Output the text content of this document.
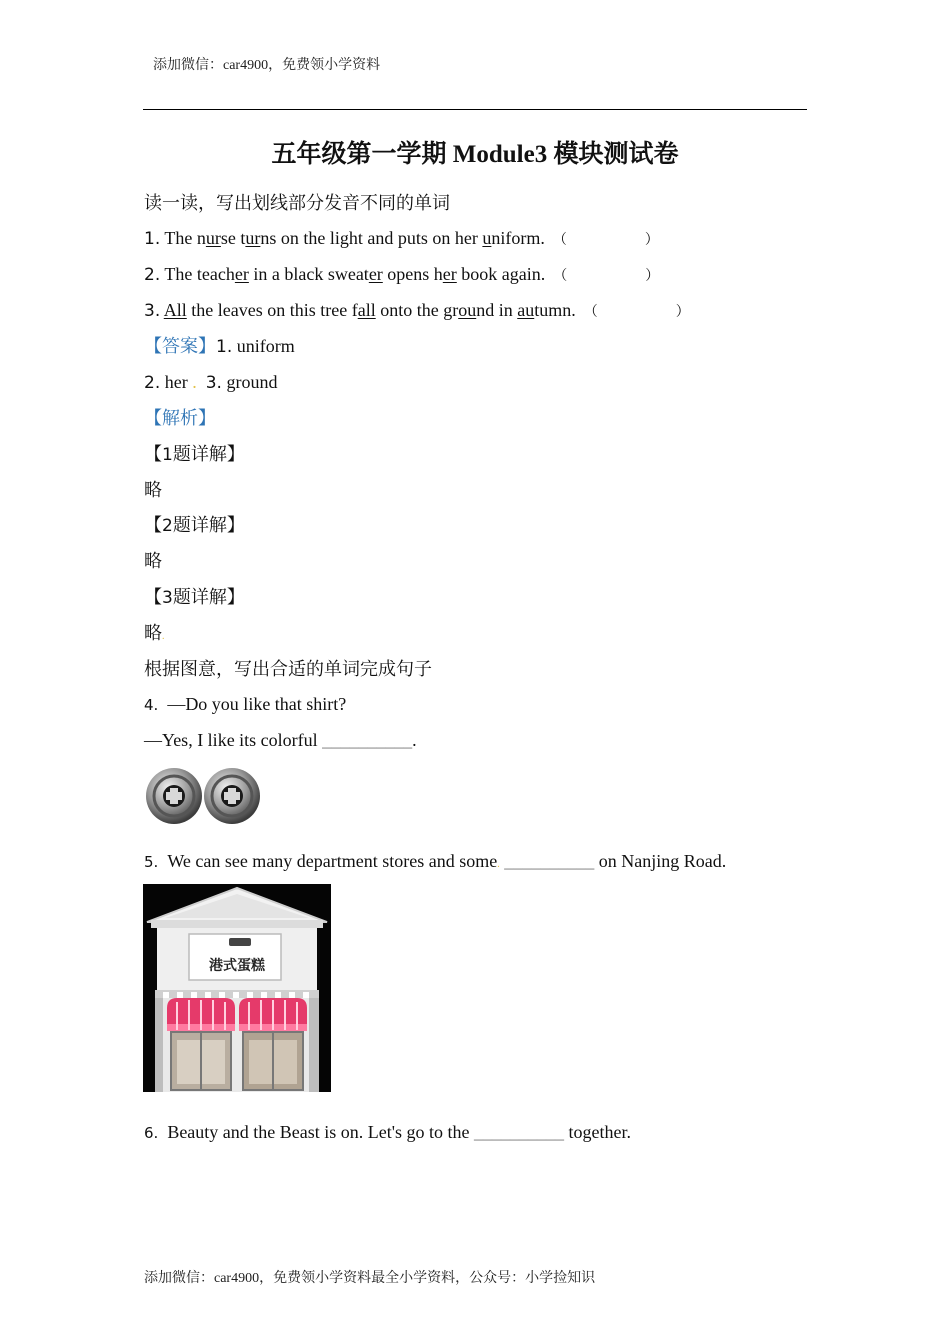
添加微信：car4900，免费领小学资料
五年级第一学期 Module3 模块测试卷
读一读，写出划线部分发音不同的单词
1. The nurse turns on the light and puts on her uniform. （	）
2. The teacher in a black sweater opens her book again. （	）
3. All the leaves on this tree fall onto the ground in autumn. （	）
【答案】1. uniform
2. her . 3. ground
【解析】
【1题详解】
略
【2题详解】
略
【3题详解】
略.
根据图意，写出合适的单词完成句子
4. —Do you like that shirt?
—Yes, I like its colorful __________.
5. We can see many department stores and some. __________ on Nanjing Road.
港式蛋糕
6. Beauty and the Beast is on. Let's go to the __________ together.
添加微信：car4900，免费领小学资料最全小学资料，公众号：小学捡知识
